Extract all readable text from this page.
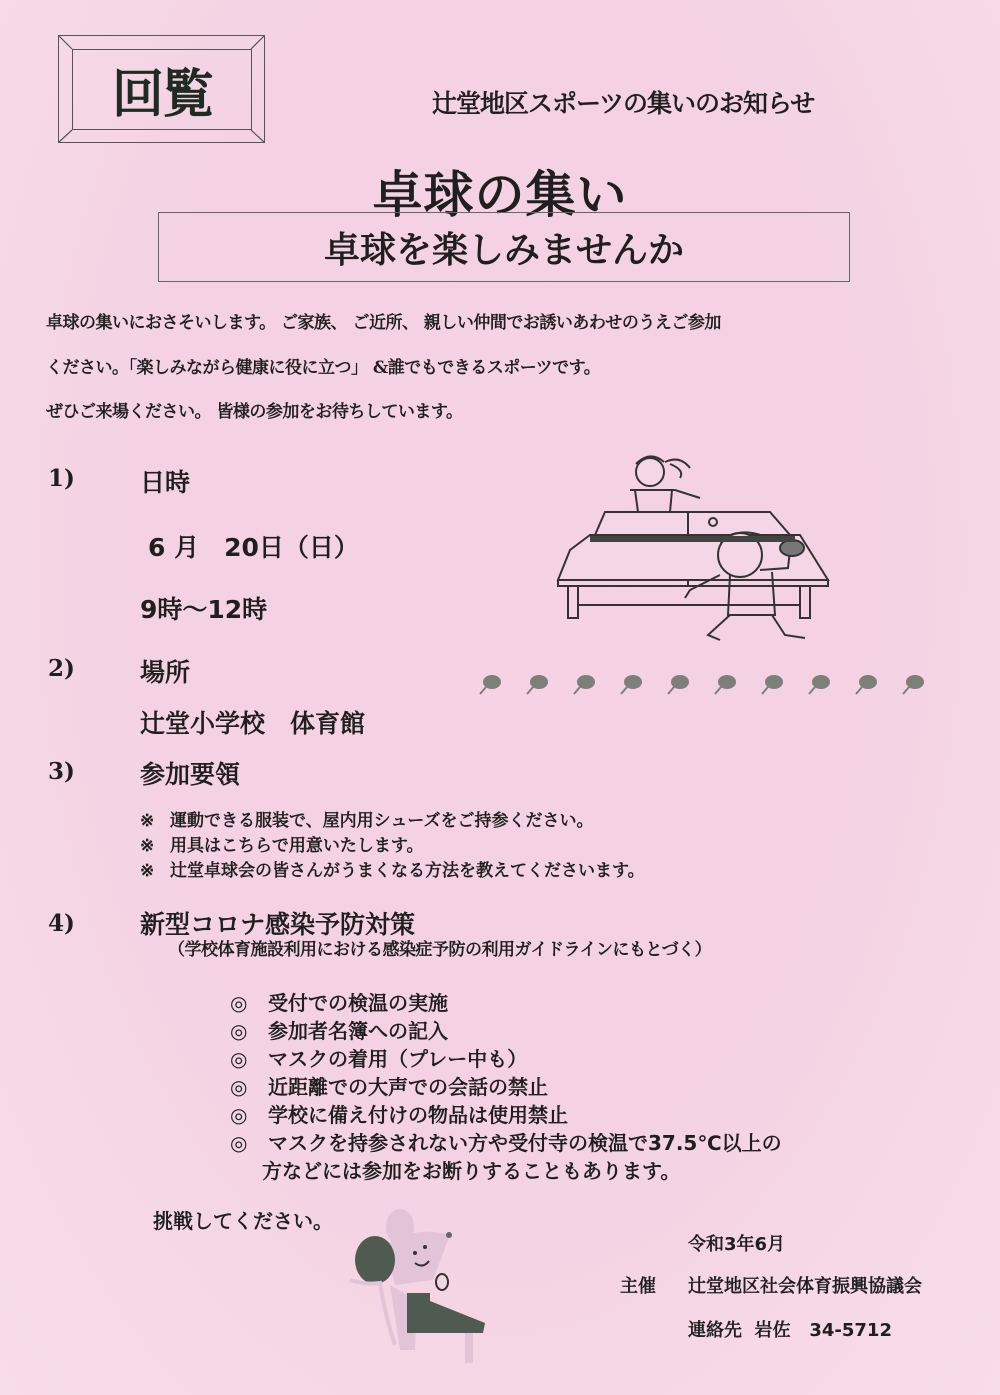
回覧	辻堂地区スポーツの集いのお知らせ
卓球の集い
卓球を楽しみませんか
卓球の集いにおさそいします。 ご家族、 ご近所、 親しい仲間でお誘いあわせのうえご参加
ください。「楽しみながら健康に役に立つ」 &誰でもできるスポーツです。
ぜひご来場ください。 皆様の参加をお待ちしています。
1)	日時
6 月　20日（日）
9時～12時
2)	場所
辻堂小学校　体育館
3)	参加要領
※ 運動できる服装で、屋内用シューズをご持参ください。
※ 用具はこちらで用意いたします。
※ 辻堂卓球会の皆さんがうまくなる方法を教えてくださいます。
4)	新型コロナ感染予防対策
（学校体育施設利用における感染症予防の利用ガイドラインにもとづく）
◎ 受付での検温の実施
◎ 参加者名簿への記入
◎ マスクの着用（プレー中も）
◎ 近距離での大声での会話の禁止
◎ 学校に備え付けの物品は使用禁止
◎ マスクを持参されない方や受付寺の検温で37.5℃以上の
方などには参加をお断りすることもあります。
挑戦してください。
令和3年6月
主催 辻堂地区社会体育振興協議会
連絡先 岩佐 34-5712
